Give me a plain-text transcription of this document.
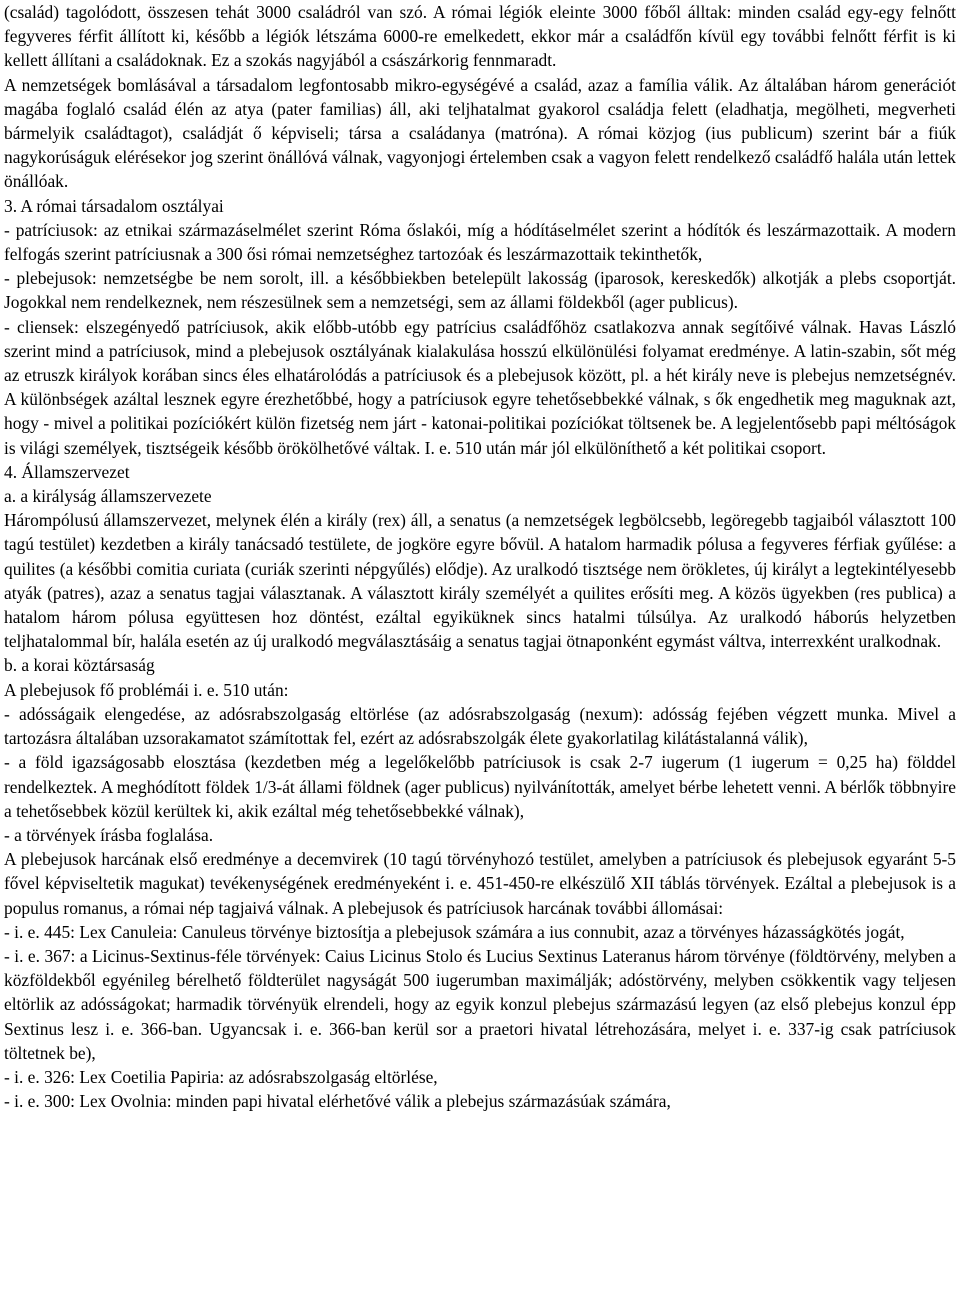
(család) tagolódott, összesen tehát 3000 családról van szó. A római légiók eleinte 3000 főből álltak: minden család egy-egy felnőtt fegyveres férfit állított ki, később a légiók létszáma 6000-re emelkedett, ekkor már a családfőn kívül egy további felnőtt férfit is ki kellett állítani a családoknak. Ez a szokás nagyjából a császárkorig fennmaradt.

A nemzetségek bomlásával a társadalom legfontosabb mikro-egységévé a család, azaz a família válik. Az általában három generációt magába foglaló család élén az atya (pater familias) áll, aki teljhatalmat gyakorol családja felett (eladhatja, megölheti, megverheti bármelyik családtagot), családját ő képviseli; társa a családanya (matróna). A római közjog (ius publicum) szerint bár a fiúk nagykorúságuk elérésekor jog szerint önállóvá válnak, vagyonjogi értelemben csak a vagyon felett rendelkező családfő halála után lettek önállóak.

3. A római társadalom osztályai

- patríciusok: az etnikai származáselmélet szerint Róma őslakói, míg a hódításelmélet szerint a hódítók és leszármazottaik. A modern felfogás szerint patríciusnak a 300 ősi római nemzetséghez tartozóak és leszármazottaik tekinthetők,

- plebejusok: nemzetségbe be nem sorolt, ill. a későbbiekben betelepült lakosság (iparosok, kereskedők) alkotják a plebs csoportját. Jogokkal nem rendelkeznek, nem részesülnek sem a nemzetségi, sem az állami földekből (ager publicus).

- cliensek: elszegényedő patríciusok, akik előbb-utóbb egy patrícius családfőhöz csatlakozva annak segítőivé válnak. Havas László szerint mind a patríciusok, mind a plebejusok osztályának kialakulása hosszú elkülönülési folyamat eredménye. A latin-szabin, sőt még az etruszk királyok korában sincs éles elhatárolódás a patríciusok és a plebejusok között, pl. a hét király neve is plebejus nemzetségnév. A különbségek azáltal lesznek egyre érezhetőbbé, hogy a patríciusok egyre tehetősebbekké válnak, s ők engedhetik meg maguknak azt, hogy - mivel a politikai pozíciókért külön fizetség nem járt - katonai-politikai pozíciókat töltsenek be. A legjelentősebb papi méltóságok is világi személyek, tisztségeik később örökölhetővé váltak. I. e. 510 után már jól elkülöníthető a két politikai csoport.

4. Államszervezet

a. a királyság államszervezete

Hárompólusú államszervezet, melynek élén a király (rex) áll, a senatus (a nemzetségek legbölcsebb, legöregebb tagjaiból választott 100 tagú testület) kezdetben a király tanácsadó testülete, de jogköre egyre bővül. A hatalom harmadik pólusa a fegyveres férfiak gyűlése: a quilites (a későbbi comitia curiata (curiák szerinti népgyűlés) elődje). Az uralkodó tisztsége nem örökletes, új királyt a legtekintélyesebb atyák (patres), azaz a senatus tagjai választanak. A választott király személyét a quilites erősíti meg. A közös ügyekben (res publica) a hatalom három pólusa együttesen hoz döntést, ezáltal egyiküknek sincs hatalmi túlsúlya. Az uralkodó háborús helyzetben teljhatalommal bír, halála esetén az új uralkodó megválasztásáig a senatus tagjai ötnaponként egymást váltva, interrexként uralkodnak.

b. a korai köztársaság

A plebejusok fő problémái i. e. 510 után:

- adósságaik elengedése, az adósrabszolgaság eltörlése (az adósrabszolgaság (nexum): adósság fejében végzett munka. Mivel a tartozásra általában uzsorakamatot számítottak fel, ezért az adósrabszolgák élete gyakorlatilag kilátástalanná válik),

- a föld igazságosabb elosztása (kezdetben még a legelőkelőbb patríciusok is csak 2-7 iugerum (1 iugerum = 0,25 ha) földdel rendelkeztek. A meghódított földek 1/3-át állami földnek (ager publicus) nyilvánították, amelyet bérbe lehetett venni. A bérlők többnyire a tehetősebbek közül kerültek ki, akik ezáltal még tehetősebbekké válnak),

- a törvények írásba foglalása.

A plebejusok harcának első eredménye a decemvirek (10 tagú törvényhozó testület, amelyben a patríciusok és plebejusok egyaránt 5-5 fővel képviseltetik magukat) tevékenységének eredményeként i. e. 451-450-re elkészülő XII táblás törvények. Ezáltal a plebejusok is a populus romanus, a római nép tagjaivá válnak. A plebejusok és patríciusok harcának további állomásai:

- i. e. 445: Lex Canuleia: Canuleus törvénye biztosítja a plebejusok számára a ius connubit, azaz a törvényes házasságkötés jogát,

- i. e. 367: a Licinus-Sextinus-féle törvények: Caius Licinus Stolo és Lucius Sextinus Lateranus három törvénye (földtörvény, melyben a közföldekből egyénileg bérelhető földterület nagyságát 500 iugerumban maximálják; adóstörvény, melyben csökkentik vagy teljesen eltörlik az adósságokat; harmadik törvényük elrendeli, hogy az egyik konzul plebejus származású legyen (az első plebejus konzul épp Sextinus lesz i. e. 366-ban. Ugyancsak i. e. 366-ban kerül sor a praetori hivatal létrehozására, melyet i. e. 337-ig csak patríciusok töltetnek be),

- i. e. 326: Lex Coetilia Papiria: az adósrabszolgaság eltörlése,

- i. e. 300: Lex Ovolnia: minden papi hivatal elérhetővé válik a plebejus származásúak számára,
